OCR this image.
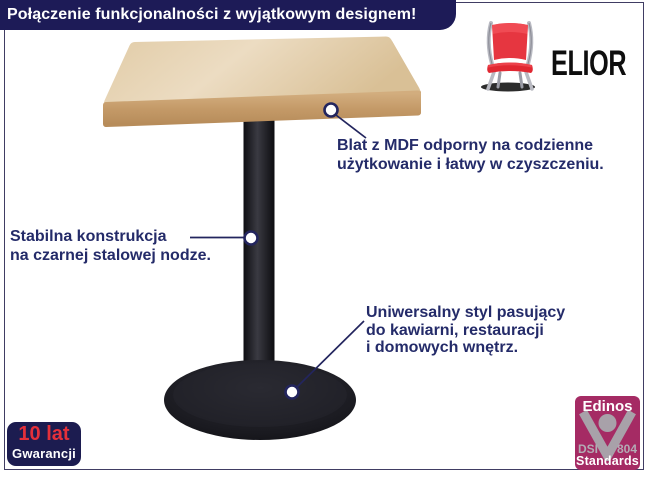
Połączenie funkcjonalności z wyjątkowym designem!
ELIOR
Blat z MDF odporny na codzienne
użytkowanie i łatwy w czyszczeniu.
Stabilna konstrukcja
na czarnej stalowej nodze.
Uniwersalny styl pasujący
do kawiarni, restauracji
i domowych wnętrz.
10 lat
Gwarancji
Edinos
DSI 804
Standards
